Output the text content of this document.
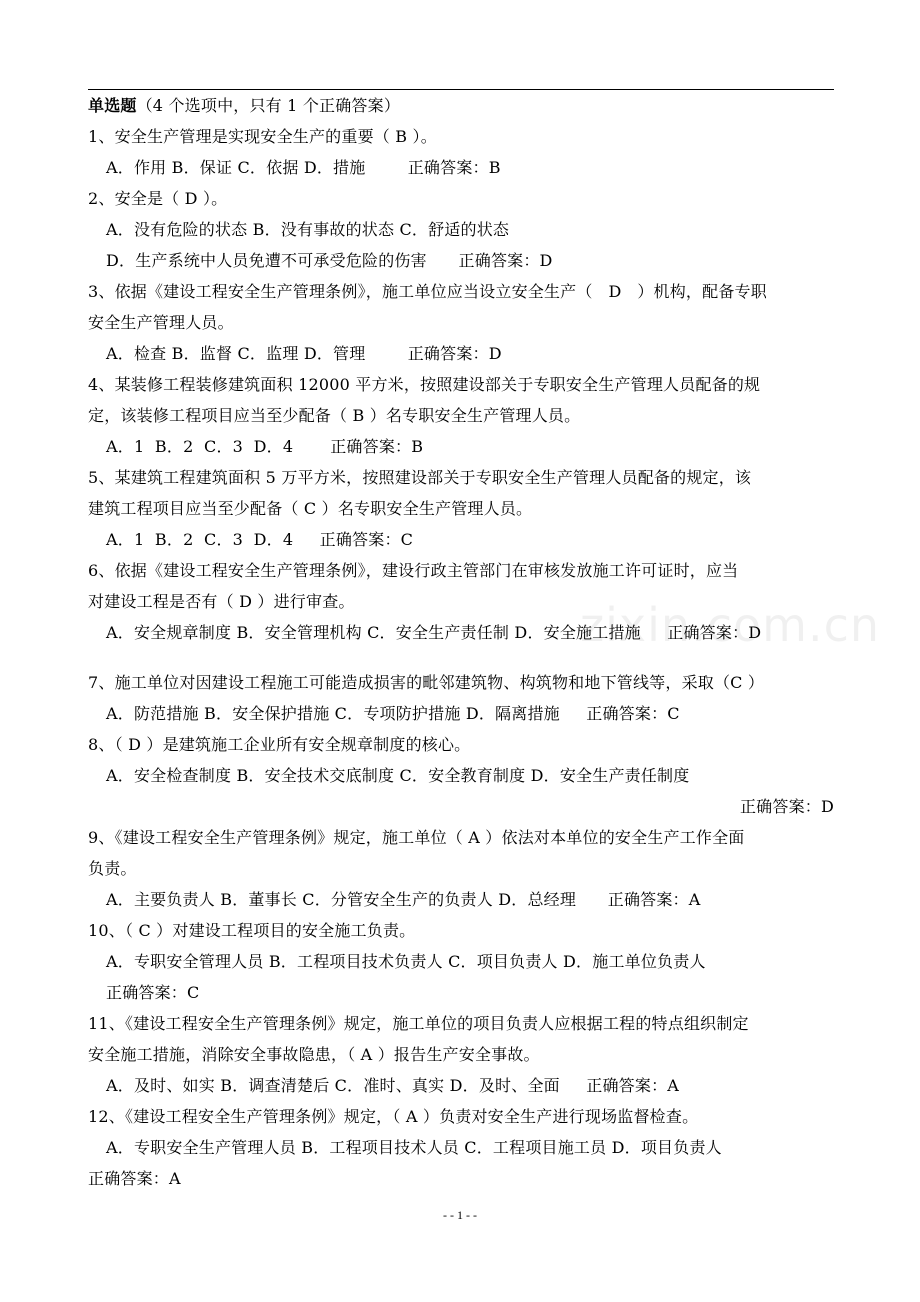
zixin.com.cn
单选题（4 个选项中，只有 1 个正确答案）
1、安全生产管理是实现安全生产的重要（ B ）。
A．作用 B．保证 C．依据 D．措施        正确答案：B
2、安全是（ D ）。
A．没有危险的状态 B．没有事故的状态 C．舒适的状态
D．生产系统中人员免遭不可承受危险的伤害      正确答案：D
3、依据《建设工程安全生产管理条例》，施工单位应当设立安全生产（   D   ）机构，配备专职
安全生产管理人员。
A．检查 B．监督 C．监理 D．管理        正确答案：D
4、某装修工程装修建筑面积 12000 平方米，按照建设部关于专职安全生产管理人员配备的规
定，该装修工程项目应当至少配备（ B ）名专职安全生产管理人员。
A．1  B．2  C．3  D．4       正确答案：B
5、某建筑工程建筑面积 5 万平方米，按照建设部关于专职安全生产管理人员配备的规定，该
建筑工程项目应当至少配备（ C ）名专职安全生产管理人员。
A．1  B．2  C．3  D．4     正确答案：C
6、依据《建设工程安全生产管理条例》，建设行政主管部门在审核发放施工许可证时，应当
对建设工程是否有（ D ）进行审查。
A．安全规章制度 B．安全管理机构 C．安全生产责任制 D．安全施工措施     正确答案：D
7、施工单位对因建设工程施工可能造成损害的毗邻建筑物、构筑物和地下管线等，采取（C ）
A．防范措施 B．安全保护措施 C．专项防护措施 D．隔离措施     正确答案：C
8、（ D ）是建筑施工企业所有安全规章制度的核心。
A．安全检查制度 B．安全技术交底制度 C．安全教育制度 D．安全生产责任制度
正确答案：D
9、《建设工程安全生产管理条例》规定，施工单位（ A ）依法对本单位的安全生产工作全面
负责。
A．主要负责人 B．董事长 C．分管安全生产的负责人 D．总经理      正确答案：A
10、（ C ）对建设工程项目的安全施工负责。
A．专职安全管理人员 B．工程项目技术负责人 C．项目负责人 D．施工单位负责人
正确答案：C
11、《建设工程安全生产管理条例》规定，施工单位的项目负责人应根据工程的特点组织制定
安全施工措施，消除安全事故隐患，（ A ）报告生产安全事故。
A．及时、如实 B．调查清楚后 C．准时、真实 D．及时、全面     正确答案：A
12、《建设工程安全生产管理条例》规定，（ A ）负责对安全生产进行现场监督检查。
A．专职安全生产管理人员 B．工程项目技术人员 C．工程项目施工员 D．项目负责人
正确答案：A
- - 1 - -
